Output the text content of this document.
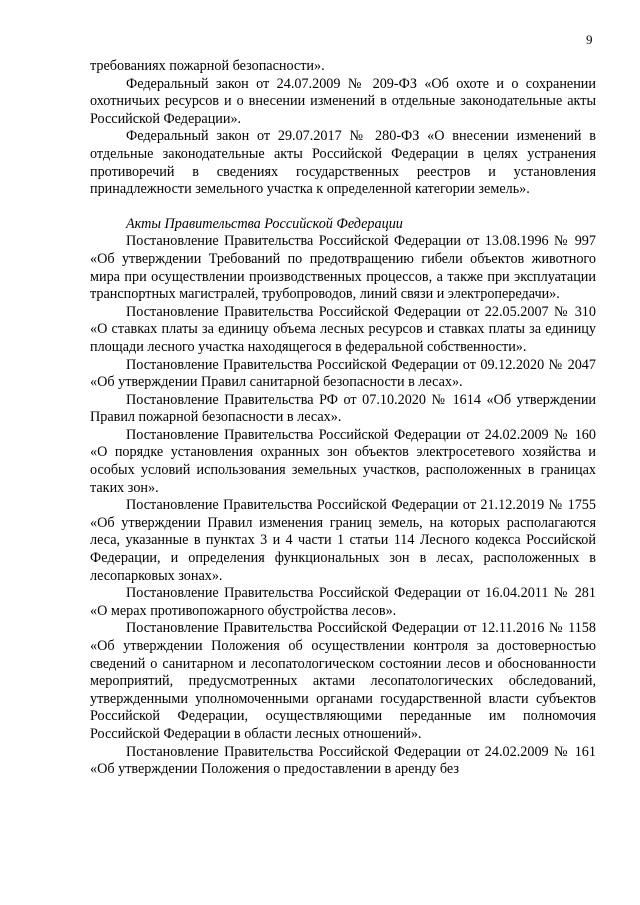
9

требованиях пожарной безопасности».

Федеральный закон от 24.07.2009 № 209-ФЗ «Об охоте и о сохранении охотничьих ресурсов и о внесении изменений в отдельные законодательные акты Российской Федерации».

Федеральный закон от 29.07.2017 № 280-ФЗ «О внесении изменений в отдельные законодательные акты Российской Федерации в целях устранения противоречий в сведениях государственных реестров и установления принадлежности земельного участка к определенной категории земель».

Акты Правительства Российской Федерации

Постановление Правительства Российской Федерации от 13.08.1996 № 997 «Об утверждении Требований по предотвращению гибели объектов животного мира при осуществлении производственных процессов, а также при эксплуатации транспортных магистралей, трубопроводов, линий связи и электропередачи».

Постановление Правительства Российской Федерации от 22.05.2007 № 310 «О ставках платы за единицу объема лесных ресурсов и ставках платы за единицу площади лесного участка находящегося в федеральной собственности».

Постановление Правительства Российской Федерации от 09.12.2020 № 2047 «Об утверждении Правил санитарной безопасности в лесах».

Постановление Правительства РФ от 07.10.2020 № 1614 «Об утверждении Правил пожарной безопасности в лесах».

Постановление Правительства Российской Федерации от 24.02.2009 № 160 «О порядке установления охранных зон объектов электросетевого хозяйства и особых условий использования земельных участков, расположенных в границах таких зон».

Постановление Правительства Российской Федерации от 21.12.2019 № 1755 «Об утверждении Правил изменения границ земель, на которых располагаются леса, указанные в пунктах 3 и 4 части 1 статьи 114 Лесного кодекса Российской Федерации, и определения функциональных зон в лесах, расположенных в лесопарковых зонах».

Постановление Правительства Российской Федерации от 16.04.2011 № 281 «О мерах противопожарного обустройства лесов».

Постановление Правительства Российской Федерации от 12.11.2016 № 1158 «Об утверждении Положения об осуществлении контроля за достоверностью сведений о санитарном и лесопатологическом состоянии лесов и обоснованности мероприятий, предусмотренных актами лесопатологических обследований, утвержденными уполномоченными органами государственной власти субъектов Российской Федерации, осуществляющими переданные им полномочия Российской Федерации в области лесных отношений».

Постановление Правительства Российской Федерации от 24.02.2009 № 161 «Об утверждении Положения о предоставлении в аренду без
